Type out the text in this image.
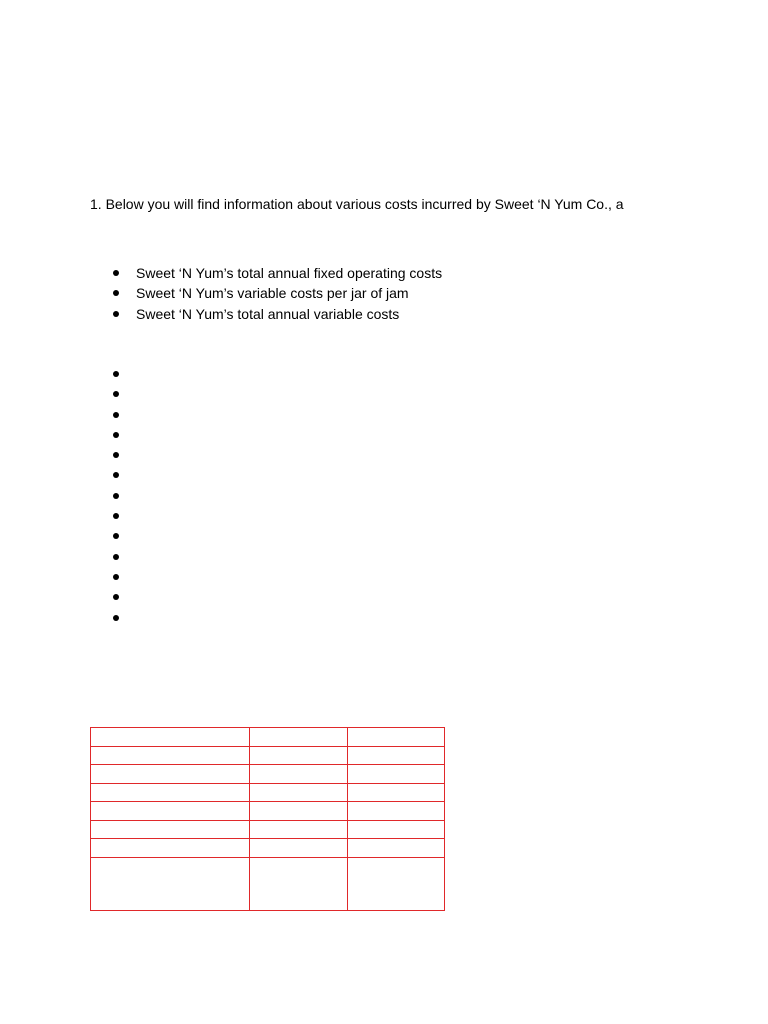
1. Below you will find information about various costs incurred by Sweet ‘N Yum Co., a
Sweet ‘N Yum’s total annual fixed operating costs
Sweet ‘N Yum’s variable costs per jar of jam
Sweet ‘N Yum’s total annual variable costs
